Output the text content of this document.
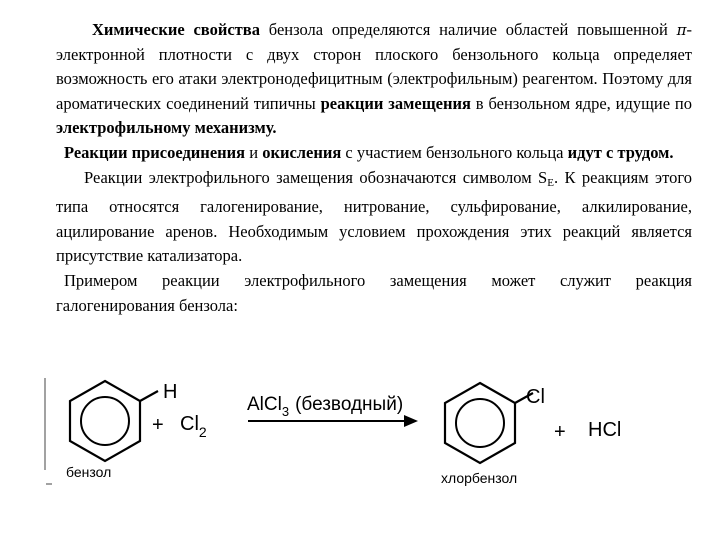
Химические свойства бензола определяются наличие областей повышенной π-электронной плотности с двух сторон плоского бензольного кольца определяет возможность его атаки электронодефицитным (электрофильным) реагентом. Поэтому для ароматических соединений типичны реакции замещения в бензольном ядре, идущие по электрофильному механизму.

Реакции присоединения и окисления с участием бензольного кольца идут с трудом.

Реакции электрофильного замещения обозначаются символом $S_E$. К реакциям этого типа относятся галогенирование, нитрование, сульфирование, алкилирование, ацилирование аренов. Необходимым условием прохождения этих реакций является присутствие катализатора.

Примером реакции электрофильного замещения может служит реакция галогенирования бензола:

H
+ $Cl_2$
AlCl$_3$ (безводный)	Cl
+ HCl
бензол	хлорбензол
